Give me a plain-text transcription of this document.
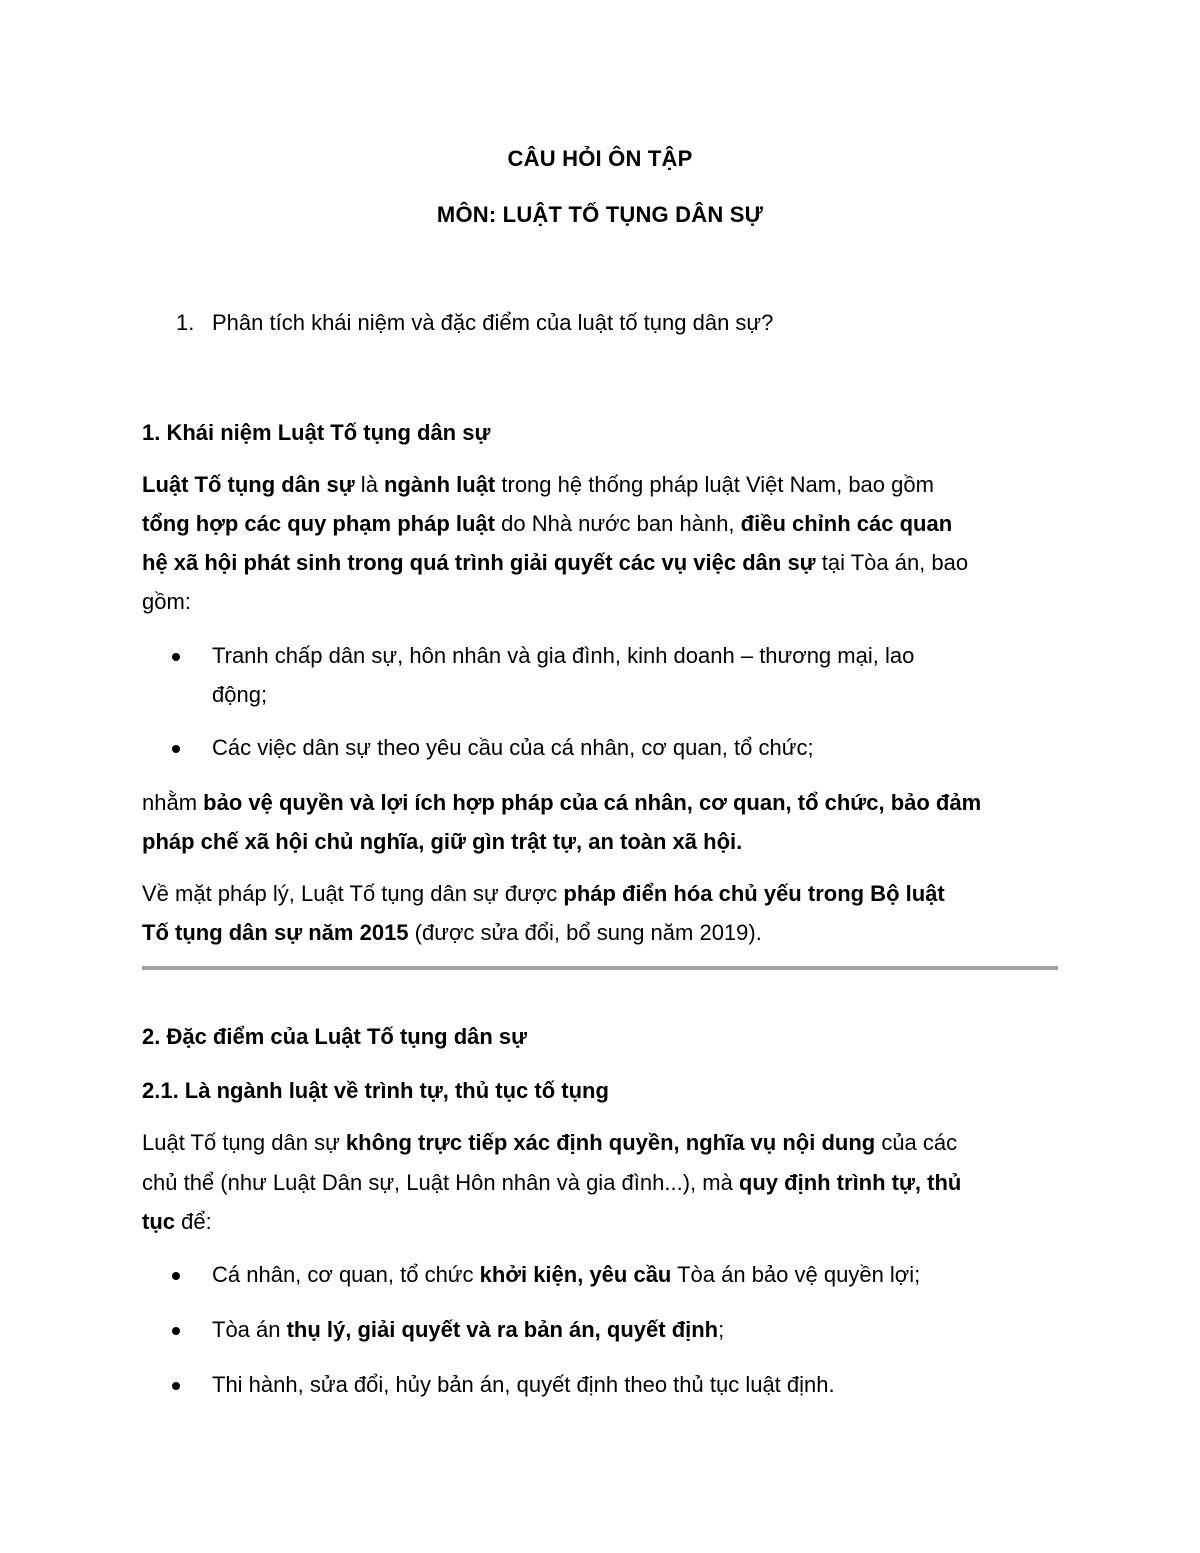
CÂU HỎI ÔN TẬP
MÔN: LUẬT TỐ TỤNG DÂN SỰ
1. Phân tích khái niệm và đặc điểm của luật tố tụng dân sự?
1. Khái niệm Luật Tố tụng dân sự
Luật Tố tụng dân sự là ngành luật trong hệ thống pháp luật Việt Nam, bao gồm
tổng hợp các quy phạm pháp luật do Nhà nước ban hành, điều chỉnh các quan
hệ xã hội phát sinh trong quá trình giải quyết các vụ việc dân sự tại Tòa án, bao
gồm:
Tranh chấp dân sự, hôn nhân và gia đình, kinh doanh – thương mại, lao
động;
Các việc dân sự theo yêu cầu của cá nhân, cơ quan, tổ chức;
nhằm bảo vệ quyền và lợi ích hợp pháp của cá nhân, cơ quan, tổ chức, bảo đảm
pháp chế xã hội chủ nghĩa, giữ gìn trật tự, an toàn xã hội.
Về mặt pháp lý, Luật Tố tụng dân sự được pháp điển hóa chủ yếu trong Bộ luật
Tố tụng dân sự năm 2015 (được sửa đổi, bổ sung năm 2019).
2. Đặc điểm của Luật Tố tụng dân sự
2.1. Là ngành luật về trình tự, thủ tục tố tụng
Luật Tố tụng dân sự không trực tiếp xác định quyền, nghĩa vụ nội dung của các
chủ thể (như Luật Dân sự, Luật Hôn nhân và gia đình...), mà quy định trình tự, thủ
tục để:
Cá nhân, cơ quan, tổ chức khởi kiện, yêu cầu Tòa án bảo vệ quyền lợi;
Tòa án thụ lý, giải quyết và ra bản án, quyết định;
Thi hành, sửa đổi, hủy bản án, quyết định theo thủ tục luật định.
